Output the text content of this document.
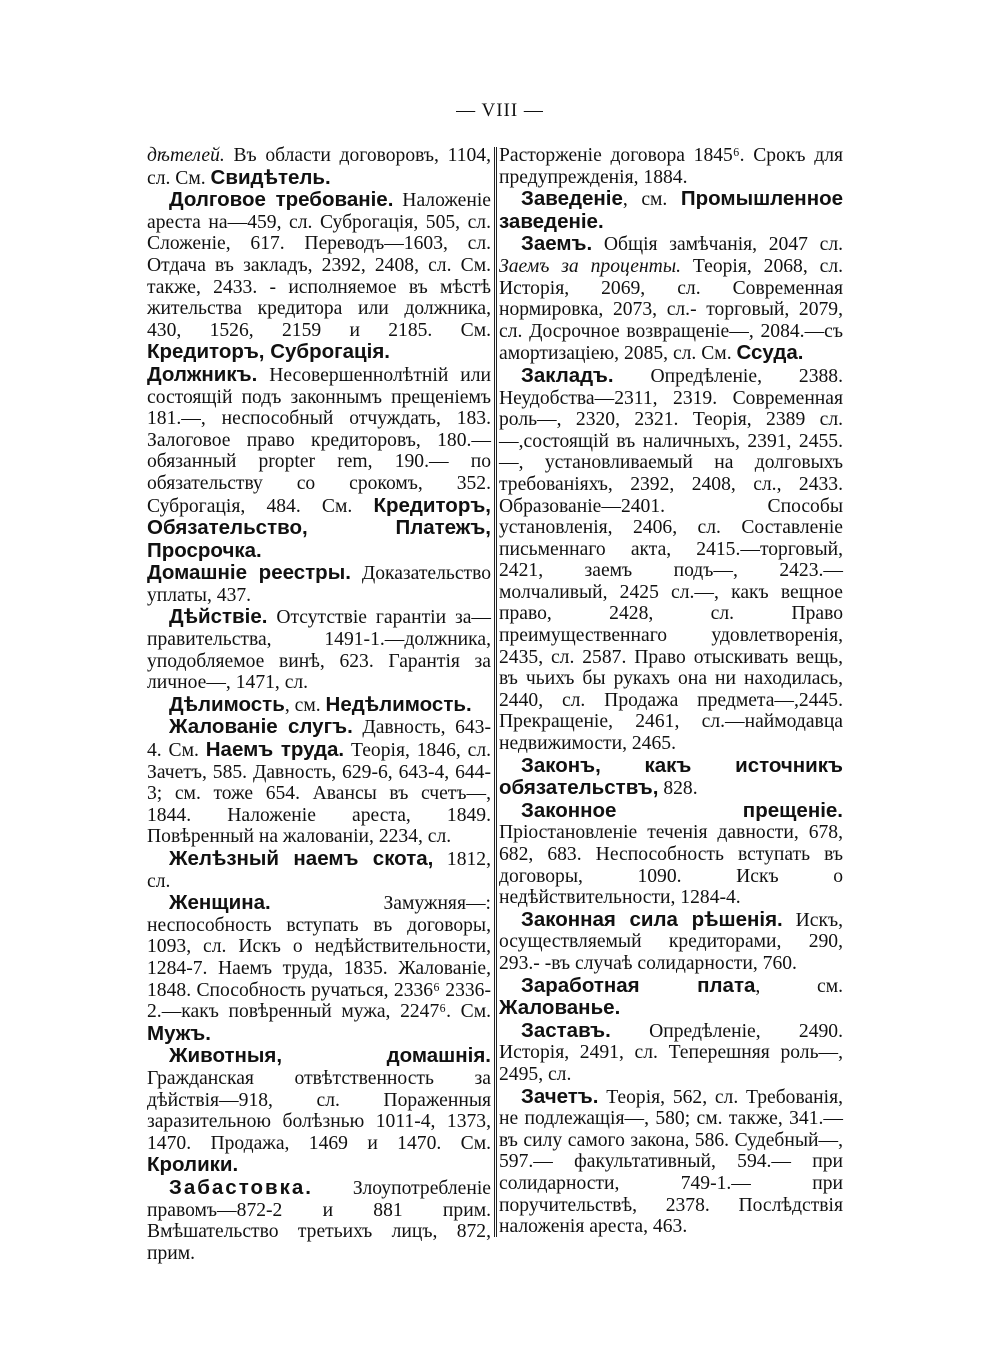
— VIII —

дѣтелей. Въ области договоровъ, 1104, сл. См. Свидѣтель.

Долговое требованіе. Наложеніе ареста на—459, сл. Суброгація, 505, сл. Сложеніе, 617. Переводъ—1603, сл. Отдача въ закладъ, 2392, 2408, сл. См. также, 2433. - исполняемое въ мѣстѣ жительства кредитора или должника, 430, 1526, 2159 и 2185. См. Кредиторъ, Суброгація.

Должникъ. Несовершеннолѣтній или состоящій подъ законнымъ прещеніемъ 181.—, неспособный отчуждать, 183. Залоговое право кредиторовъ, 180.— обязанный propter rem, 190.— по обязательству со срокомъ, 352. Суброгація, 484. См. Кредиторъ, Обязательство, Платежъ, Просрочка.

Домашніе реестры. Доказательство уплаты, 437.

Дѣйствіе. Отсутствіе гарантіи за—правительства, 1491-1.—должника, уподобляемое винѣ, 623. Гарантія за личное—, 1471, сл.

Дѣлимость, см. Недѣлимость.

Жалованіе слугъ. Давность, 643-4. См. Наемъ труда. Теорія, 1846, сл. Зачетъ, 585. Давность, 629-6, 643-4, 644-3; см. тоже 654. Авансы въ счетъ—, 1844. Наложеніе ареста, 1849. Повѣренный на жалованіи, 2234, сл.

Желѣзный наемъ скота, 1812, сл.

Женщина. Замужняя—: неспособность вступать въ договоры, 1093, сл. Искъ о недѣйствительности, 1284-7. Наемъ труда, 1835. Жалованіе, 1848. Способность ручаться, 2336⁶ 2336-2.—какъ повѣренный мужа, 2247⁶. См. Мужъ.

Животныя, домашнія. Гражданская отвѣтственность за дѣйствія—918, сл. Пораженныя заразительною болѣзнью 1011-4, 1373, 1470. Продажа, 1469 и 1470. См. Кролики.

Забастовка. Злоупотребленіе правомъ—872-2 и 881 прим. Вмѣшательство третьихъ лицъ, 872, прим.

Расторженіе договора 1845⁶. Срокъ для предупрежденія, 1884.

Заведеніе, см. Промышленное заведеніе.

Заемъ. Общія замѣчанія, 2047 сл. Заемъ за проценты. Теорія, 2068, сл. Исторія, 2069, сл. Современная нормировка, 2073, сл.- торговый, 2079, сл. Досрочное возвращеніе—, 2084.—съ амортизаціею, 2085, сл. См. Ссуда.

Закладъ. Опредѣленіе, 2388. Неудобства—2311, 2319. Современная роль—, 2320, 2321. Теорія, 2389 сл.—,состоящій въ наличныхъ, 2391, 2455.—, установливаемый на долговыхъ требованіяхъ, 2392, 2408, сл., 2433. Образованіе—2401. Способы установленія, 2406, сл. Составленіе письменнаго акта, 2415.—торговый, 2421, заемъ подъ—, 2423.— молчаливый, 2425 сл.—, какъ вещное право, 2428, сл. Право преимущественнаго удовлетворенія, 2435, сл. 2587. Право отыскивать вещь, въ чьихъ бы рукахъ она ни находилась, 2440, сл. Продажа предмета—,2445. Прекращеніе, 2461, сл.—наймодавца недвижимости, 2465.

Законъ, какъ источникъ обязательствъ, 828.

Законное прещеніе. Пріостановленіе теченія давности, 678, 682, 683. Неспособность вступать въ договоры, 1090. Искъ о недѣйствительности, 1284-4.

Законная сила рѣшенія. Искъ, осуществляемый кредиторами, 290, 293.- -въ случаѣ солидарности, 760.

Заработная плата, см. Жалованье.

Заставъ. Опредѣленіе, 2490. Исторія, 2491, сл. Теперешняя роль—, 2495, сл.

Зачетъ. Теорія, 562, сл. Требованія, не подлежащія—, 580; см. также, 341.—въ силу самого закона, 586. Судебный—, 597.— факультативный, 594.— при солидарности, 749-1.— при поручительствѣ, 2378. Послѣдствія наложенія ареста, 463.
